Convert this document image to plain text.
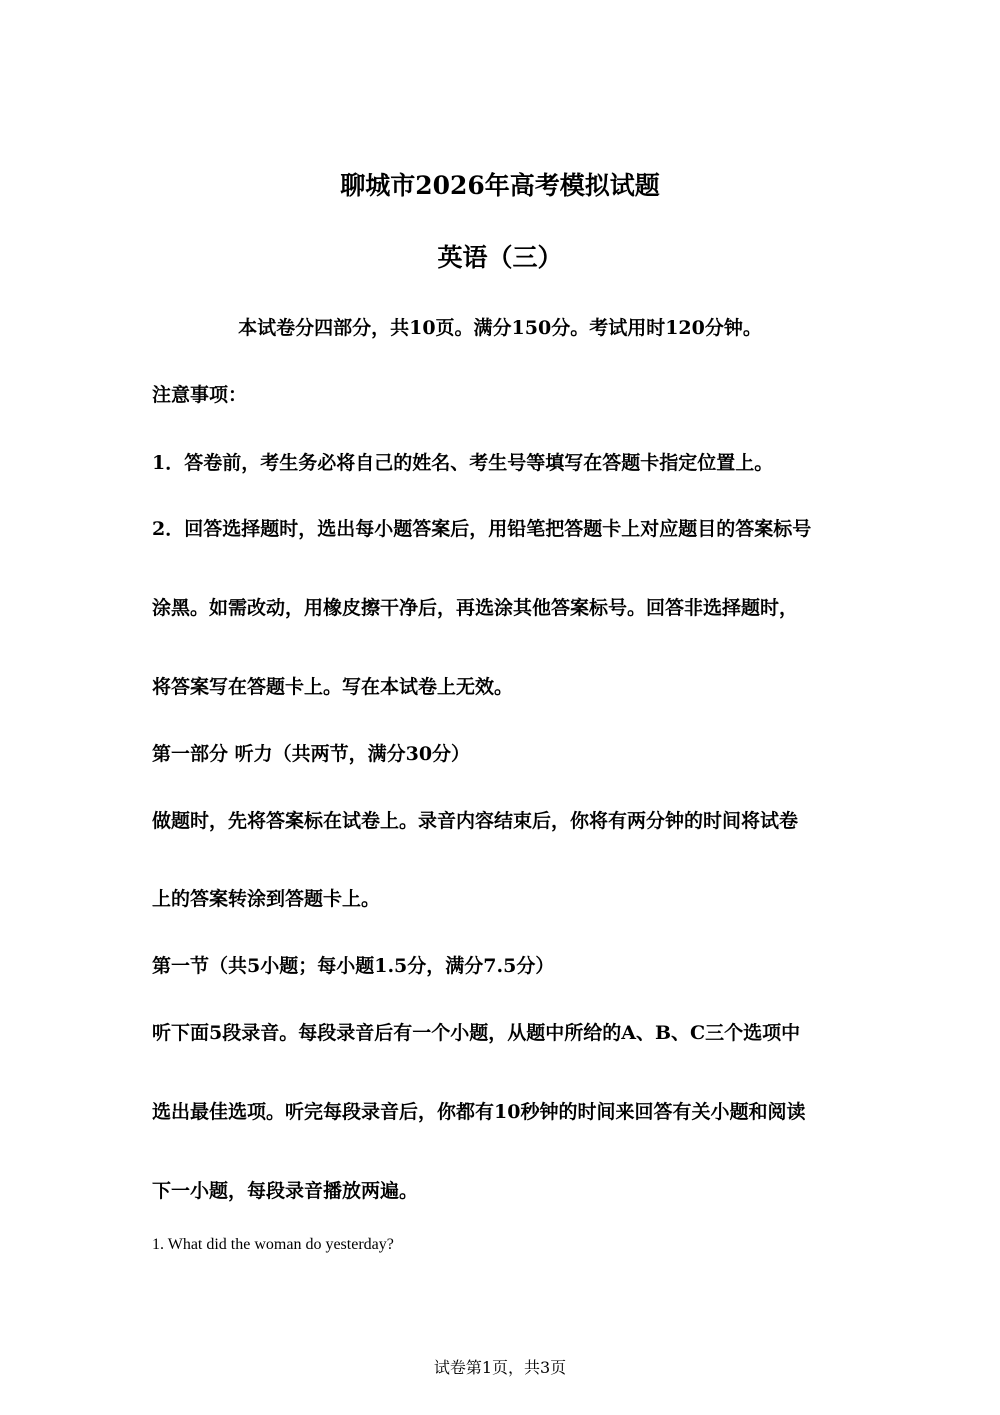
聊城市2026年高考模拟试题
英语（三）
本试卷分四部分，共10页。满分150分。考试用时120分钟。
注意事项：
1．答卷前，考生务必将自己的姓名、考生号等填写在答题卡指定位置上。
2．回答选择题时，选出每小题答案后，用铅笔把答题卡上对应题目的答案标号
涂黑。如需改动，用橡皮擦干净后，再选涂其他答案标号。回答非选择题时，
将答案写在答题卡上。写在本试卷上无效。
第一部分 听力（共两节，满分30分）
做题时，先将答案标在试卷上。录音内容结束后，你将有两分钟的时间将试卷
上的答案转涂到答题卡上。
第一节（共5小题；每小题1.5分，满分7.5分）
听下面5段录音。每段录音后有一个小题，从题中所给的A、B、C三个选项中
选出最佳选项。听完每段录音后，你都有10秒钟的时间来回答有关小题和阅读
下一小题，每段录音播放两遍。
1. What did the woman do yesterday?
试卷第1页，共3页
